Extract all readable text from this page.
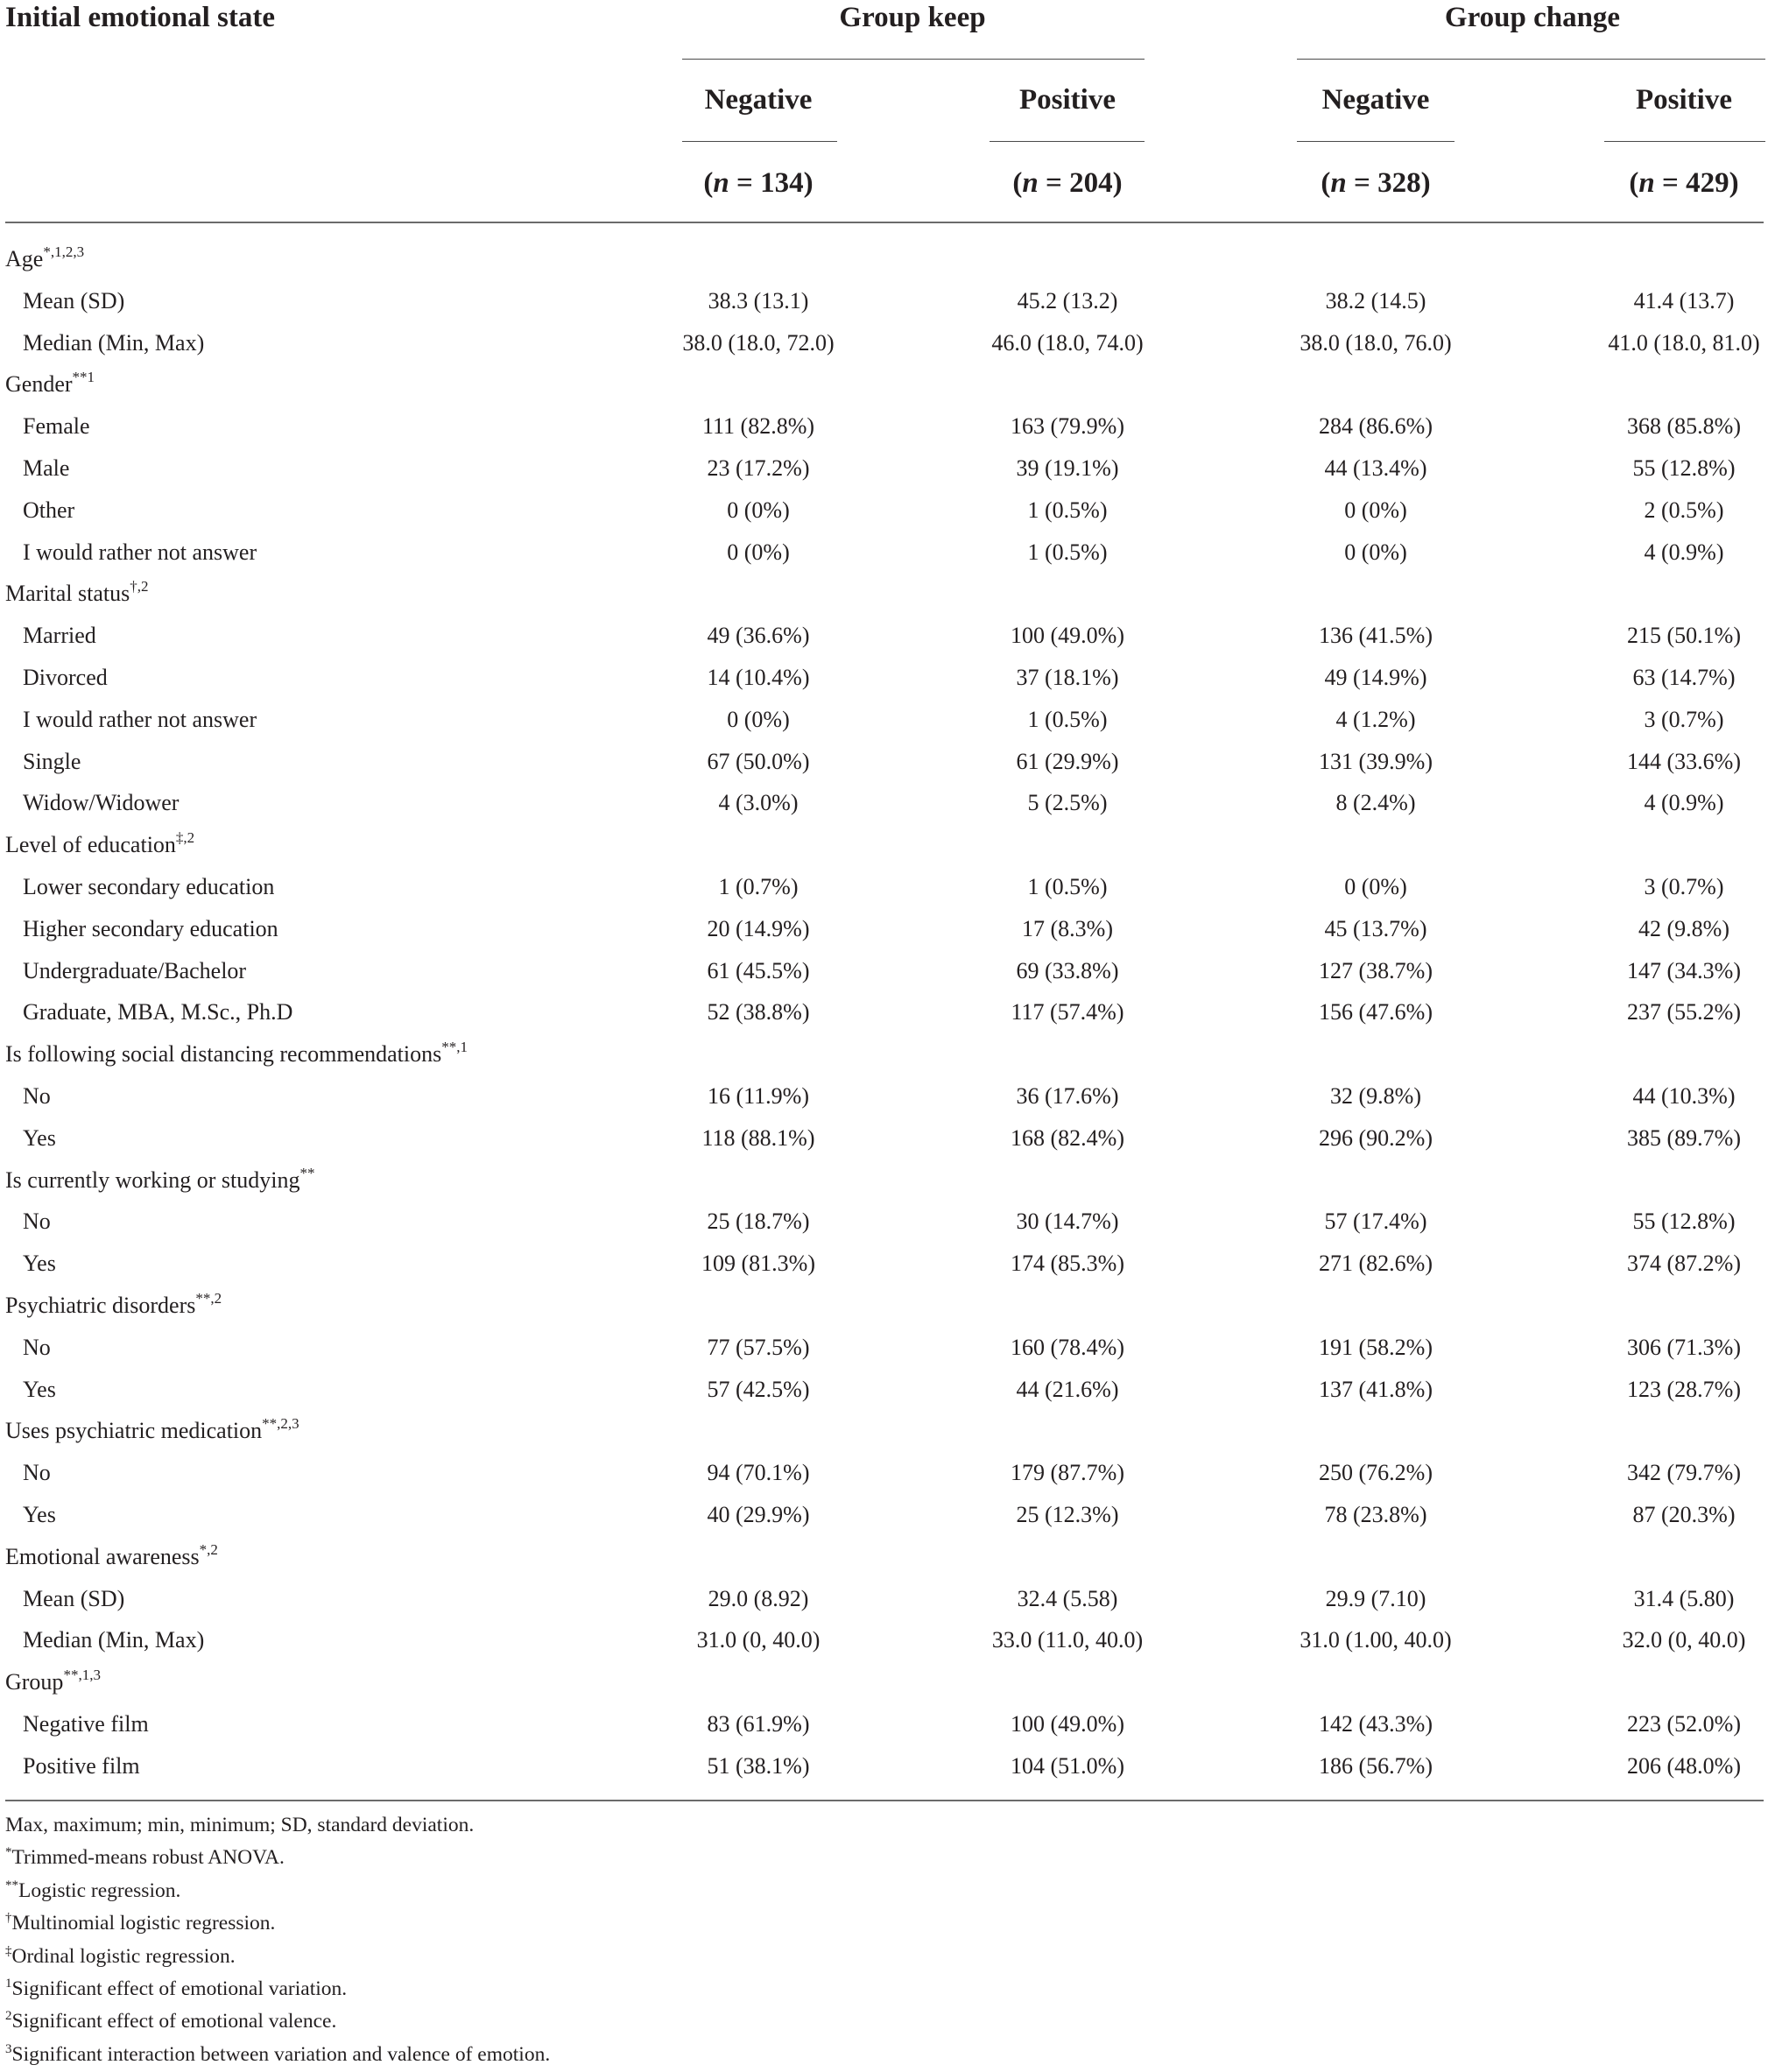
Initial emotional state	Group keep	Group change
Negative	Positive	Negative	Positive
(n = 134)	(n = 204)	(n = 328)	(n = 429)
Age$^{*,1,2,3}$
Mean (SD)	38.3 (13.1)	45.2 (13.2)	38.2 (14.5)	41.4 (13.7)
Median (Min, Max)	38.0 (18.0, 72.0)	46.0 (18.0, 74.0)	38.0 (18.0, 76.0)	41.0 (18.0, 81.0)
Gender$^{**1}$
Female	111 (82.8%)	163 (79.9%)	284 (86.6%)	368 (85.8%)
Male	23 (17.2%)	39 (19.1%)	44 (13.4%)	55 (12.8%)
Other	0 (0%)	1 (0.5%)	0 (0%)	2 (0.5%)
I would rather not answer	0 (0%)	1 (0.5%)	0 (0%)	4 (0.9%)
Marital status$^{\dagger,2}$
Married	49 (36.6%)	100 (49.0%)	136 (41.5%)	215 (50.1%)
Divorced	14 (10.4%)	37 (18.1%)	49 (14.9%)	63 (14.7%)
I would rather not answer	0 (0%)	1 (0.5%)	4 (1.2%)	3 (0.7%)
Single	67 (50.0%)	61 (29.9%)	131 (39.9%)	144 (33.6%)
Widow/Widower	4 (3.0%)	5 (2.5%)	8 (2.4%)	4 (0.9%)
Level of education$^{\ddagger,2}$
Lower secondary education	1 (0.7%)	1 (0.5%)	0 (0%)	3 (0.7%)
Higher secondary education	20 (14.9%)	17 (8.3%)	45 (13.7%)	42 (9.8%)
Undergraduate/Bachelor	61 (45.5%)	69 (33.8%)	127 (38.7%)	147 (34.3%)
Graduate, MBA, M.Sc., Ph.D	52 (38.8%)	117 (57.4%)	156 (47.6%)	237 (55.2%)
Is following social distancing recommendations$^{**,1}$
No	16 (11.9%)	36 (17.6%)	32 (9.8%)	44 (10.3%)
Yes	118 (88.1%)	168 (82.4%)	296 (90.2%)	385 (89.7%)
Is currently working or studying**
No	25 (18.7%)	30 (14.7%)	57 (17.4%)	55 (12.8%)
Yes	109 (81.3%)	174 (85.3%)	271 (82.6%)	374 (87.2%)
Psychiatric disorders$^{**,2}$
No	77 (57.5%)	160 (78.4%)	191 (58.2%)	306 (71.3%)
Yes	57 (42.5%)	44 (21.6%)	137 (41.8%)	123 (28.7%)
Uses psychiatric medication$^{**,2,3}$
No	94 (70.1%)	179 (87.7%)	250 (76.2%)	342 (79.7%)
Yes	40 (29.9%)	25 (12.3%)	78 (23.8%)	87 (20.3%)
Emotional awareness$^{*,2}$
Mean (SD)	29.0 (8.92)	32.4 (5.58)	29.9 (7.10)	31.4 (5.80)
Median (Min, Max)	31.0 (0, 40.0)	33.0 (11.0, 40.0)	31.0 (1.00, 40.0)	32.0 (0, 40.0)
Group$^{**,1,3}$
Negative film	83 (61.9%)	100 (49.0%)	142 (43.3%)	223 (52.0%)
Positive film	51 (38.1%)	104 (51.0%)	186 (56.7%)	206 (48.0%)
Max, maximum; min, minimum; SD, standard deviation.
*Trimmed-means robust ANOVA.
**Logistic regression.
†Multinomial logistic regression.
‡Ordinal logistic regression.
$^1$Significant effect of emotional variation.
$^2$Significant effect of emotional valence.
$^3$Significant interaction between variation and valence of emotion.
